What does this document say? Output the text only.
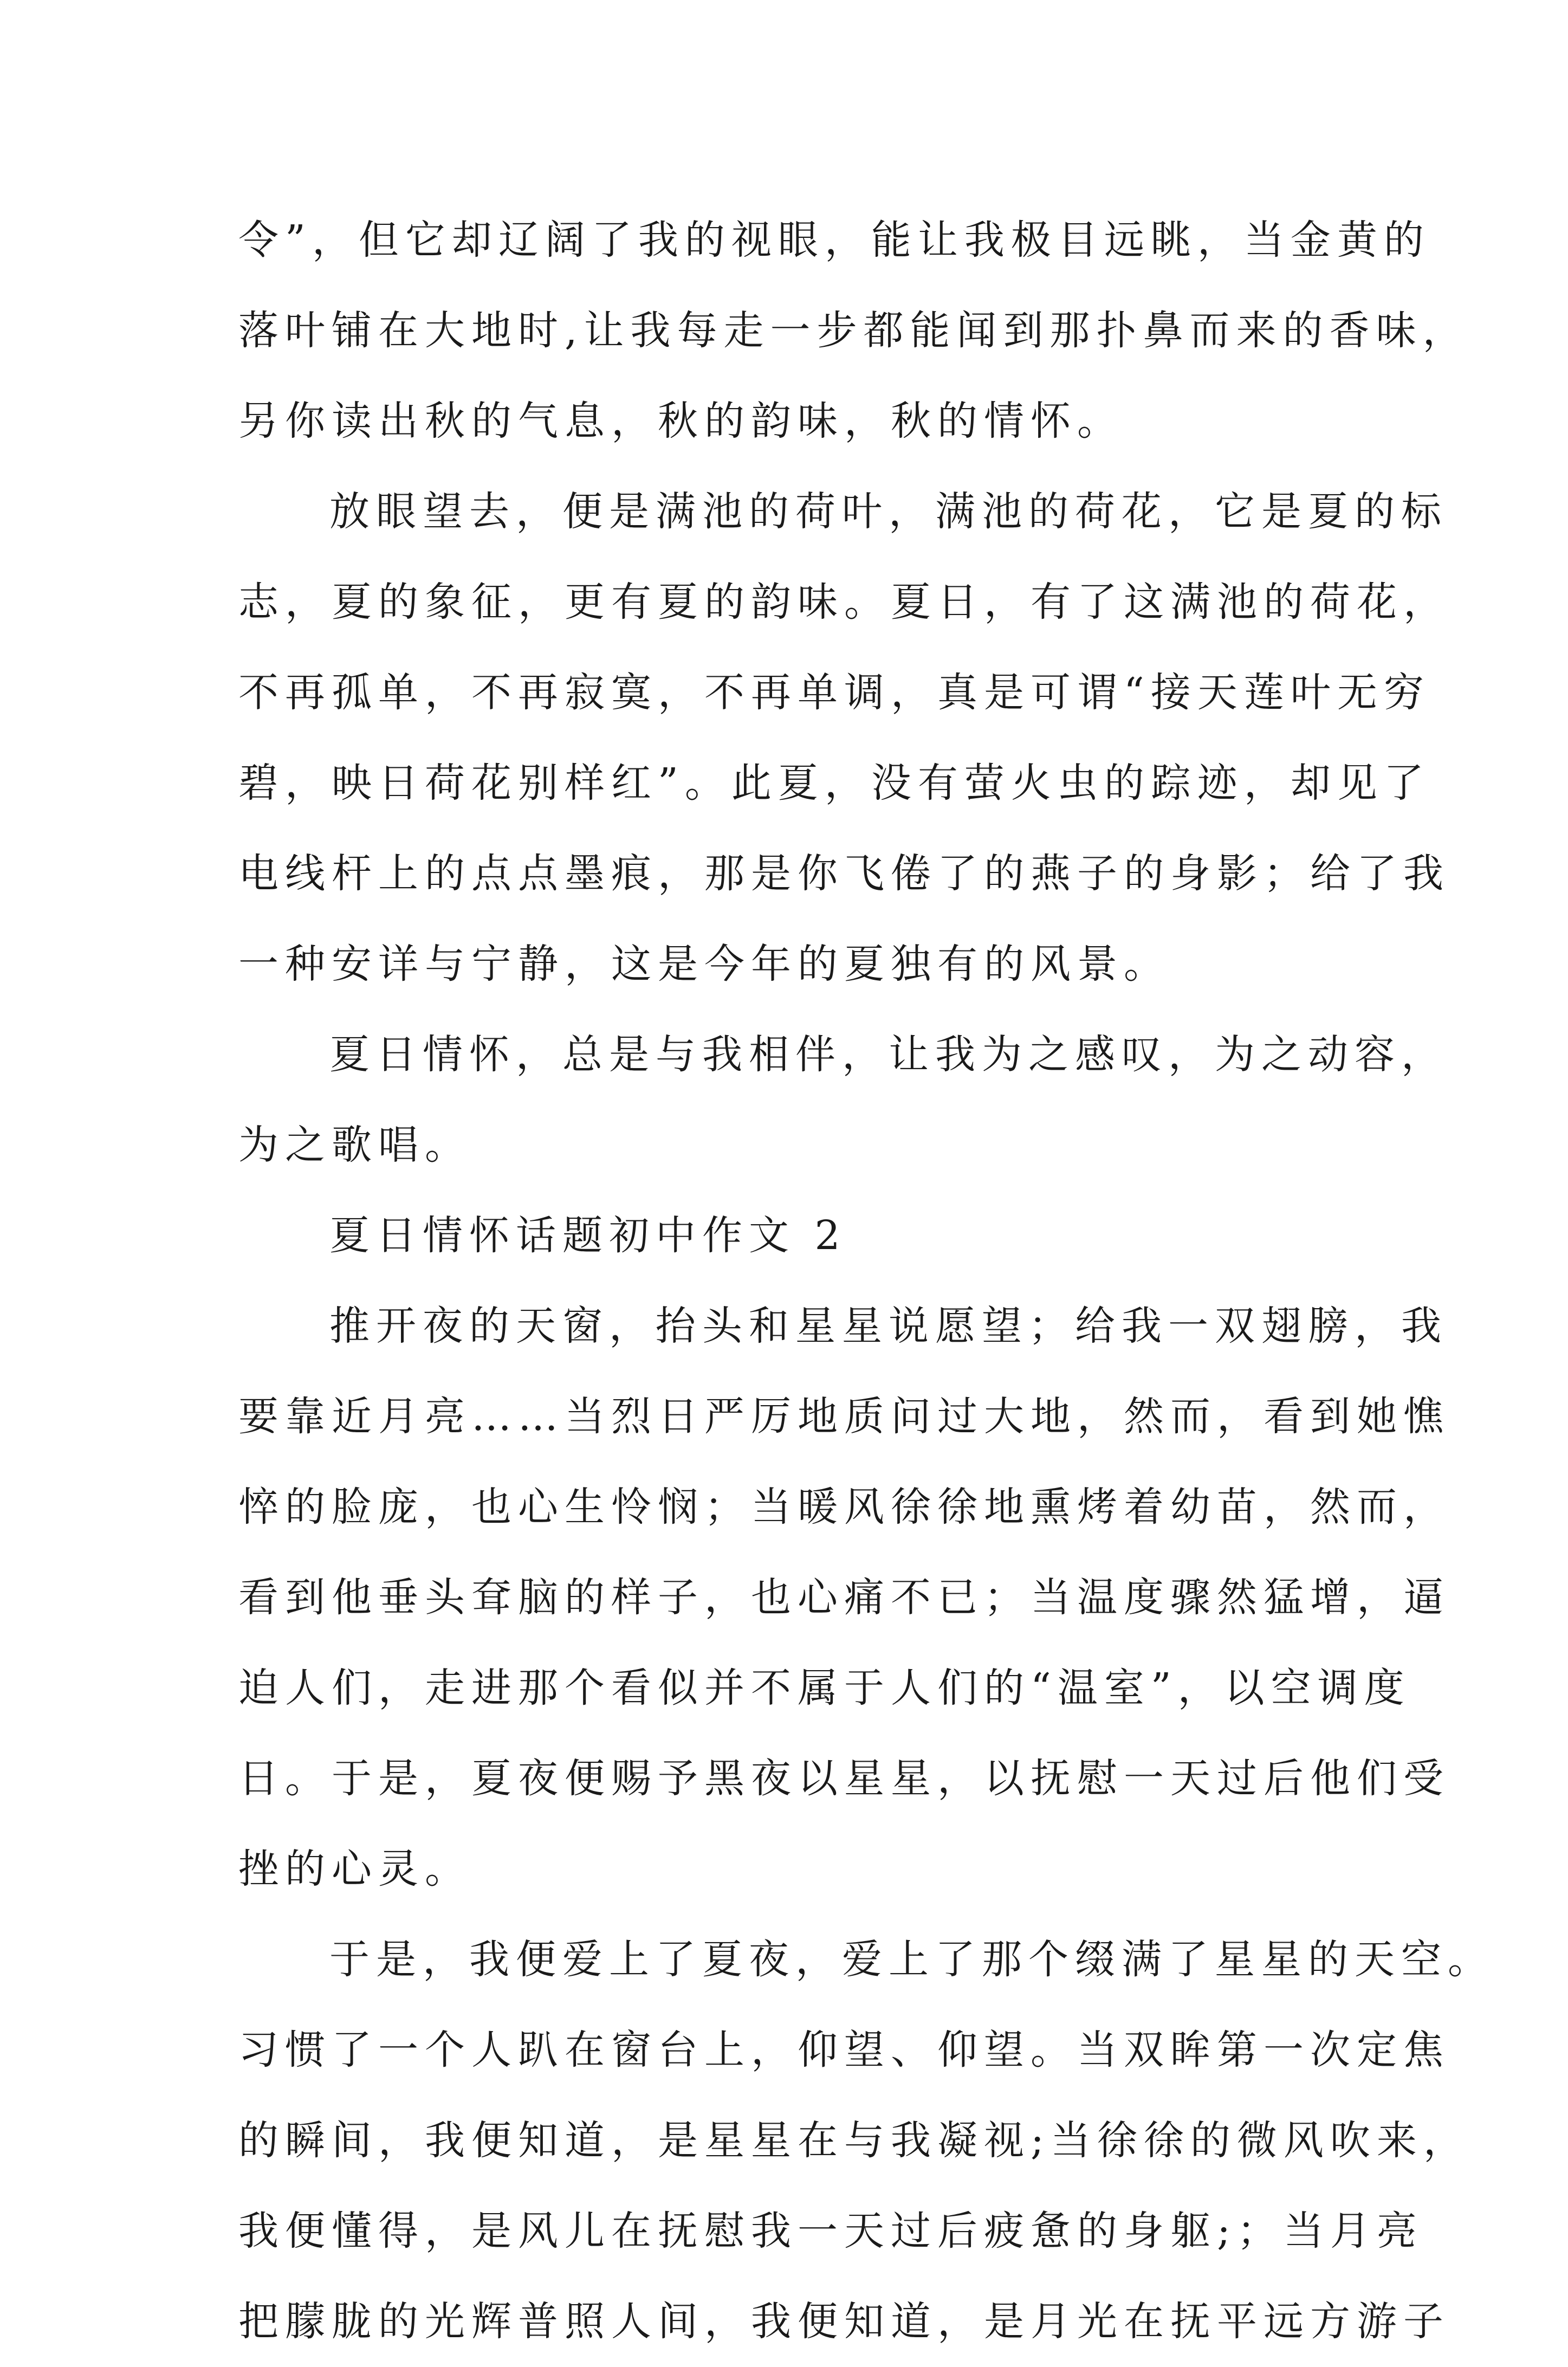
令”，但它却辽阔了我的视眼，能让我极目远眺，当金黄的
落叶铺在大地时,让我每走一步都能闻到那扑鼻而来的香味，
另你读出秋的气息，秋的韵味，秋的情怀。
放眼望去，便是满池的荷叶，满池的荷花，它是夏的标
志，夏的象征，更有夏的韵味。夏日，有了这满池的荷花，
不再孤单，不再寂寞，不再单调，真是可谓“接天莲叶无穷
碧，映日荷花别样红”。此夏，没有萤火虫的踪迹，却见了
电线杆上的点点墨痕，那是你飞倦了的燕子的身影；给了我
一种安详与宁静，这是今年的夏独有的风景。
夏日情怀，总是与我相伴，让我为之感叹，为之动容，
为之歌唱。
夏日情怀话题初中作文 2
推开夜的天窗，抬头和星星说愿望；给我一双翅膀，我
要靠近月亮……当烈日严厉地质问过大地，然而，看到她憔
悴的脸庞，也心生怜悯；当暖风徐徐地熏烤着幼苗，然而，
看到他垂头耷脑的样子，也心痛不已；当温度骤然猛增，逼
迫人们，走进那个看似并不属于人们的“温室”，以空调度
日。于是，夏夜便赐予黑夜以星星，以抚慰一天过后他们受
挫的心灵。
于是，我便爱上了夏夜，爱上了那个缀满了星星的天空。
习惯了一个人趴在窗台上，仰望、仰望。当双眸第一次定焦
的瞬间，我便知道，是星星在与我凝视;当徐徐的微风吹来，
我便懂得，是风儿在抚慰我一天过后疲惫的身躯;；当月亮
把朦胧的光辉普照人间，我便知道，是月光在抚平远方游子
